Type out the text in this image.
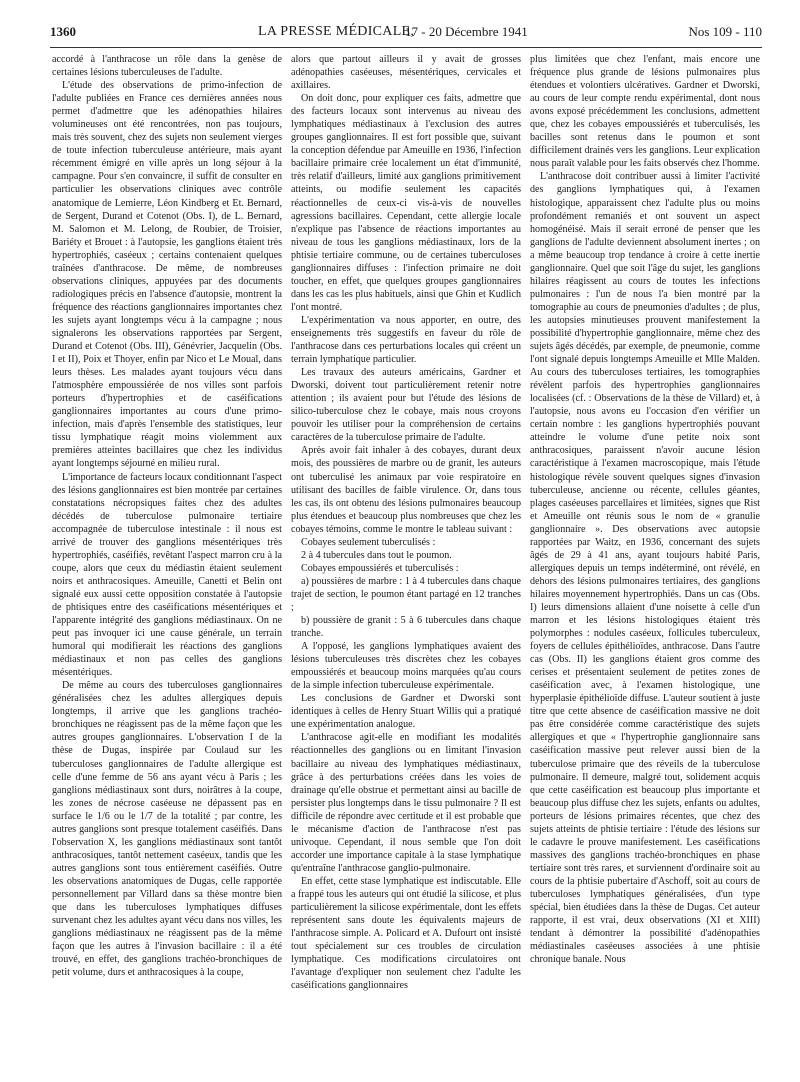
1360	LA PRESSE MÉDICALE,
17 - 20 Décembre 1941	Nos 109 - 110

accordé à l'anthracose un rôle dans la genèse de certaines lésions tuberculeuses de l'adulte.

L'étude des observations de primo-infection de l'adulte publiées en France ces dernières années nous permet d'admettre que les adénopathies hilaires volumineuses ont été rencontrées, non pas toujours, mais très souvent, chez des sujets non seulement vierges de toute infection tuberculeuse antérieure, mais ayant récemment émigré en ville après un long séjour à la campagne. Pour s'en convaincre, il suffit de consulter en particulier les observations cliniques avec contrôle anatomique de Lemierre, Léon Kindberg et Et. Bernard, de Sergent, Durand et Cotenot (Obs. I), de L. Bernard, M. Salomon et M. Lelong, de Roubier, de Troisier, Bariéty et Brouet : à l'autopsie, les ganglions étaient très hypertrophiés, caséeux ; certains contenaient quelques traînées d'anthracose. De même, de nombreuses observations cliniques, appuyées par des documents radiologiques précis en l'absence d'autopsie, montrent la fréquence des réactions ganglionnaires importantes chez les sujets ayant longtemps vécu à la campagne ; nous signalerons les observations rapportées par Sergent, Durand et Cotenot (Obs. III), Génévrier, Jacquelin (Obs. I et II), Poix et Thoyer, enfin par Nico et Le Moual, dans leurs thèses. Les malades ayant toujours vécu dans l'atmosphère empoussiérée de nos villes sont parfois porteurs d'hypertrophies et de caséifications ganglionnaires importantes au cours d'une primo-infection, mais d'après l'ensemble des statistiques, leur tissu lymphatique réagit moins violemment aux premières atteintes bacillaires que chez les individus ayant longtemps séjourné en milieu rural.

L'importance de facteurs locaux conditionnant l'aspect des lésions ganglionnaires est bien montrée par certaines constatations nécropsiques faites chez des adultes décédés de tuberculose pulmonaire tertiaire accompagnée de tuberculose intestinale : il nous est arrivé de trouver des ganglions mésentériques très hypertrophiés, caséifiés, revêtant l'aspect marron cru à la coupe, alors que ceux du médiastin étaient seulement noirs et anthracosiques. Ameuille, Canetti et Belin ont signalé eux aussi cette opposition constatée à l'autopsie de phtisiques entre des caséifications mésentériques et l'apparente intégrité des ganglions médiastinaux. On ne peut pas invoquer ici une cause générale, un terrain humoral qui modifierait les réactions des ganglions médiastinaux et non pas celles des ganglions mésentériques.

De même au cours des tuberculoses ganglionnaires généralisées chez les adultes allergiques depuis longtemps, il arrive que les ganglions trachéo-bronchiques ne réagissent pas de la même façon que les autres groupes ganglionnaires. L'observation I de la thèse de Dugas, inspirée par Coulaud sur les tuberculoses ganglionnaires de l'adulte allergique est celle d'une femme de 56 ans ayant vécu à Paris ; les ganglions médiastinaux sont durs, noirâtres à la coupe, les zones de nécrose caséeuse ne dépassent pas en surface le 1/6 ou le 1/7 de la totalité ; par contre, les autres ganglions sont presque totalement caséifiés. Dans l'observation X, les ganglions médiastinaux sont tantôt anthracosiques, tantôt nettement caséeux, tandis que les autres ganglions sont tous entièrement caséifiés. Outre les observations anatomiques de Dugas, celle rapportée personnellement par Villard dans sa thèse montre bien que dans les tuberculoses lymphatiques diffuses survenant chez les adultes ayant vécu dans nos villes, les ganglions médiastinaux ne réagissent pas de la même façon que les autres à l'invasion bacillaire : il a été trouvé, en effet, des ganglions trachéo-bronchiques de petit volume, durs et anthracosiques à la coupe,

alors que partout ailleurs il y avait de grosses adénopathies caséeuses, mésentériques, cervicales et axillaires.

On doit donc, pour expliquer ces faits, admettre que des facteurs locaux sont intervenus au niveau des lymphatiques médiastinaux à l'exclusion des autres groupes ganglionnaires. Il est fort possible que, suivant la conception défendue par Ameuille en 1936, l'infection bacillaire primaire crée localement un état d'immunité, très relatif d'ailleurs, limité aux ganglions primitivement atteints, ou modifie seulement les capacités réactionnelles de ceux-ci vis-à-vis de nouvelles agressions bacillaires. Cependant, cette allergie locale n'explique pas l'absence de réactions importantes au niveau de tous les ganglions médiastinaux, lors de la phtisie tertiaire commune, ou de certaines tuberculoses ganglionnaires diffuses : l'infection primaire ne doit toucher, en effet, que quelques groupes ganglionnaires dans les cas les plus habituels, ainsi que Ghin et Kudlich l'ont montré.

L'expérimentation va nous apporter, en outre, des enseignements très suggestifs en faveur du rôle de l'anthracose dans ces perturbations locales qui créent un terrain lymphatique particulier.

Les travaux des auteurs américains, Gardner et Dworski, doivent tout particulièrement retenir notre attention ; ils avaient pour but l'étude des lésions de silico-tuberculose chez le cobaye, mais nous croyons pouvoir les utiliser pour la compréhension de certains caractères de la tuberculose primaire de l'adulte.

Après avoir fait inhaler à des cobayes, durant deux mois, des poussières de marbre ou de granit, les auteurs ont tuberculisé les animaux par voie respiratoire en utilisant des bacilles de faible virulence. Or, dans tous les cas, ils ont obtenu des lésions pulmonaires beaucoup plus étendues et beaucoup plus nombreuses que chez les cobayes témoins, comme le montre le tableau suivant :

Cobayes seulement tuberculisés :

2 à 4 tubercules dans tout le poumon.

Cobayes empoussiérés et tuberculisés :

a) poussières de marbre : 1 à 4 tubercules dans chaque trajet de section, le poumon étant partagé en 12 tranches ;

b) poussière de granit : 5 à 6 tubercules dans chaque tranche.

A l'opposé, les ganglions lymphatiques avaient des lésions tuberculeuses très discrètes chez les cobayes empoussiérés et beaucoup moins marquées qu'au cours de la simple infection tuberculeuse expérimentale.

Les conclusions de Gardner et Dworski sont identiques à celles de Henry Stuart Willis qui a pratiqué une expérimentation analogue.

L'anthracose agit-elle en modifiant les modalités réactionnelles des ganglions ou en limitant l'invasion bacillaire au niveau des lymphatiques médiastinaux, grâce à des perturbations créées dans les voies de drainage qu'elle obstrue et permettant ainsi au bacille de persister plus longtemps dans le tissu pulmonaire ? Il est difficile de répondre avec certitude et il est probable que le mécanisme d'action de l'anthracose n'est pas univoque. Cependant, il nous semble que l'on doit accorder une importance capitale à la stase lymphatique qu'entraîne l'anthracose ganglio-pulmonaire.

En effet, cette stase lymphatique est indiscutable. Elle a frappé tous les auteurs qui ont étudié la silicose, et plus particulièrement la silicose expérimentale, dont les effets représentent sans doute les équivalents majeurs de l'anthracose simple. A. Policard et A. Dufourt ont insisté tout spécialement sur ces troubles de circulation lymphatique. Ces modifications circulatoires ont l'avantage d'expliquer non seulement chez l'adulte les caséifications ganglionnaires

plus limitées que chez l'enfant, mais encore une fréquence plus grande de lésions pulmonaires plus étendues et volontiers ulcératives. Gardner et Dworski, au cours de leur compte rendu expérimental, dont nous avons exposé précédemment les conclusions, admettent que, chez les cobayes empoussiérés et tuberculisés, les bacilles sont retenus dans le poumon et sont difficilement drainés vers les ganglions. Leur explication nous paraît valable pour les faits observés chez l'homme.

L'anthracose doit contribuer aussi à limiter l'activité des ganglions lymphatiques qui, à l'examen histologique, apparaissent chez l'adulte plus ou moins profondément remaniés et ont souvent un aspect homogénéisé. Mais il serait erroné de penser que les ganglions de l'adulte deviennent absolument inertes ; on a même beaucoup trop tendance à croire à cette inertie ganglionnaire. Quel que soit l'âge du sujet, les ganglions hilaires réagissent au cours de toutes les infections pulmonaires : l'un de nous l'a bien montré par la tomographie au cours de pneumonies d'adultes ; de plus, les autopsies minutieuses prouvent manifestement la possibilité d'hypertrophie ganglionnaire, même chez des sujets âgés décédés, par exemple, de pneumonie, comme l'ont signalé depuis longtemps Ameuille et Mlle Malden. Au cours des tuberculoses tertiaires, les tomographies révèlent parfois des hypertrophies ganglionnaires localisées (cf. : Observations de la thèse de Villard) et, à l'autopsie, nous avons eu l'occasion d'en vérifier un certain nombre : les ganglions hypertrophiés pouvant atteindre le volume d'une petite noix sont anthracosiques, paraissent n'avoir aucune lésion caractéristique à l'examen macroscopique, mais l'étude histologique révèle souvent quelques signes d'invasion tuberculeuse, ancienne ou récente, cellules géantes, plages caséeuses parcellaires et limitées, signes que Rist et Ameuille ont réunis sous le nom de « granulie ganglionnaire ». Des observations avec autopsie rapportées par Waitz, en 1936, concernant des sujets âgés de 29 à 41 ans, ayant toujours habité Paris, allergiques depuis un temps indéterminé, ont révélé, en dehors des lésions pulmonaires tertiaires, des ganglions hilaires moyennement hypertrophiés. Dans un cas (Obs. I) leurs dimensions allaient d'une noisette à celle d'un marron et les lésions histologiques étaient très polymorphes : nodules caséeux, follicules tuberculeux, foyers de cellules épithélioïdes, anthracose. Dans l'autre cas (Obs. II) les ganglions étaient gros comme des cerises et présentaient seulement de petites zones de caséification avec, à l'examen histologique, une hyperplasie épithélioïde diffuse. L'auteur soutient à juste titre que cette absence de caséification massive ne doit pas être considérée comme caractéristique des sujets allergiques et que « l'hypertrophie ganglionnaire sans caséification massive peut relever aussi bien de la tuberculose primaire que des réveils de la tuberculose pulmonaire. Il demeure, malgré tout, solidement acquis que cette caséification est beaucoup plus importante et beaucoup plus diffuse chez les sujets, enfants ou adultes, porteurs de lésions primaires récentes, que chez des sujets atteints de phtisie tertiaire : l'étude des lésions sur le cadavre le prouve manifestement. Les caséifications massives des ganglions trachéo-bronchiques en phase tertiaire sont très rares, et surviennent d'ordinaire soit au cours de la phtisie pubertaire d'Aschoff, soit au cours de tuberculoses lymphatiques généralisées, d'un type spécial, bien étudiées dans la thèse de Dugas. Cet auteur rapporte, il est vrai, deux observations (XI et XIII) tendant à démontrer la possibilité d'adénopathies médiastinales caséeuses associées à une phtisie chronique banale. Nous
